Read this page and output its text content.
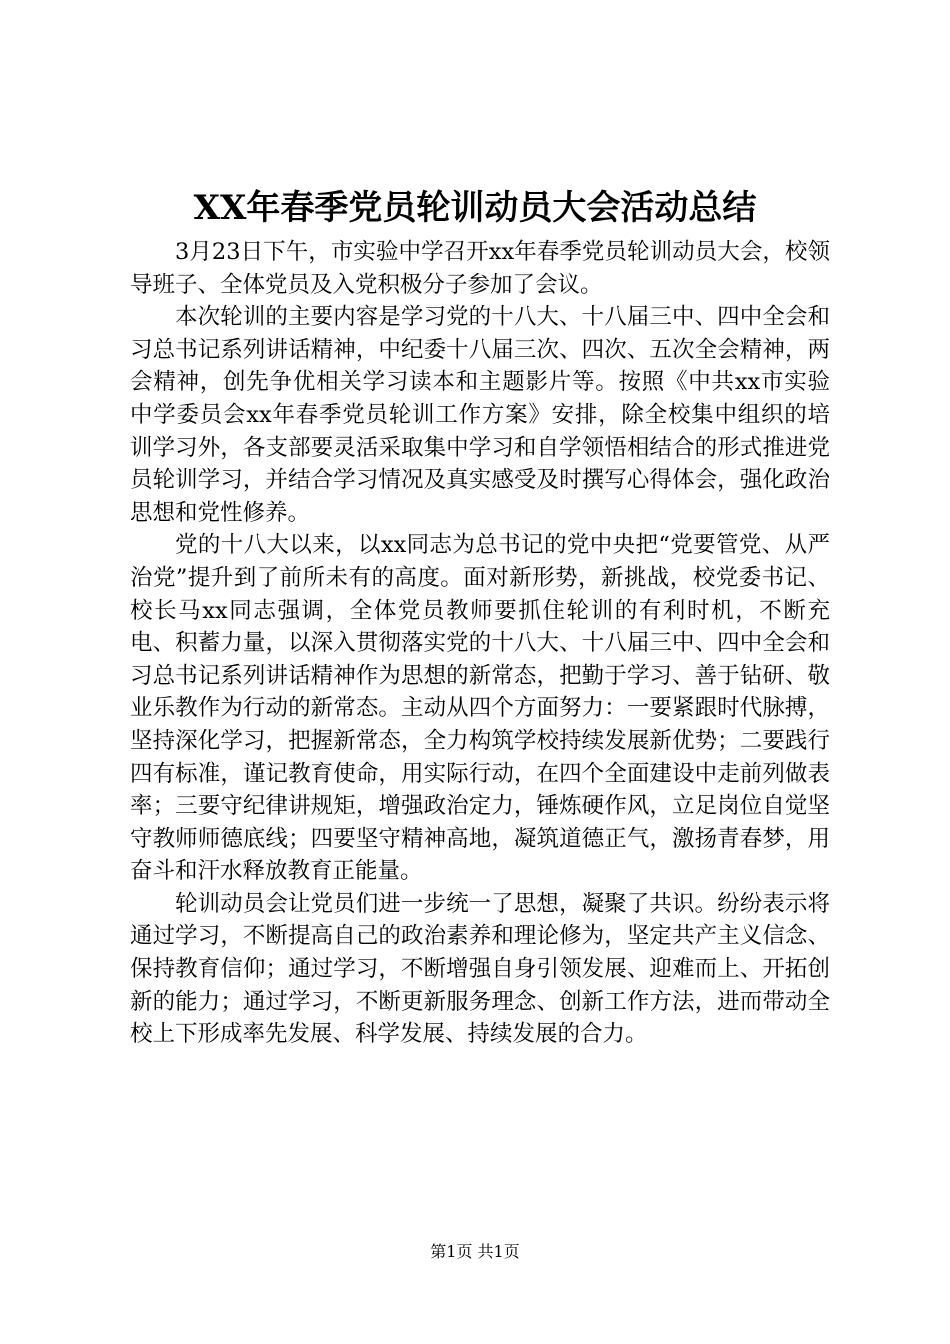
XX年春季党员轮训动员大会活动总结

3月23日下午，市实验中学召开xx年春季党员轮训动员大会，校领导班子、全体党员及入党积极分子参加了会议。

本次轮训的主要内容是学习党的十八大、十八届三中、四中全会和习总书记系列讲话精神，中纪委十八届三次、四次、五次全会精神，两会精神，创先争优相关学习读本和主题影片等。按照《中共xx市实验中学委员会xx年春季党员轮训工作方案》安排，除全校集中组织的培训学习外，各支部要灵活采取集中学习和自学领悟相结合的形式推进党员轮训学习，并结合学习情况及真实感受及时撰写心得体会，强化政治思想和党性修养。

党的十八大以来，以xx同志为总书记的党中央把“党要管党、从严治党”提升到了前所未有的高度。面对新形势，新挑战，校党委书记、校长马xx同志强调，全体党员教师要抓住轮训的有利时机，不断充电、积蓄力量，以深入贯彻落实党的十八大、十八届三中、四中全会和习总书记系列讲话精神作为思想的新常态，把勤于学习、善于钻研、敬业乐教作为行动的新常态。主动从四个方面努力：一要紧跟时代脉搏，坚持深化学习，把握新常态，全力构筑学校持续发展新优势；二要践行四有标准，谨记教育使命，用实际行动，在四个全面建设中走前列做表率；三要守纪律讲规矩，增强政治定力，锤炼硬作风，立足岗位自觉坚守教师师德底线；四要坚守精神高地，凝筑道德正气，激扬青春梦，用奋斗和汗水释放教育正能量。

轮训动员会让党员们进一步统一了思想，凝聚了共识。纷纷表示将通过学习，不断提高自己的政治素养和理论修为，坚定共产主义信念、保持教育信仰；通过学习，不断增强自身引领发展、迎难而上、开拓创新的能力；通过学习，不断更新服务理念、创新工作方法，进而带动全校上下形成率先发展、科学发展、持续发展的合力。

第1页 共1页
